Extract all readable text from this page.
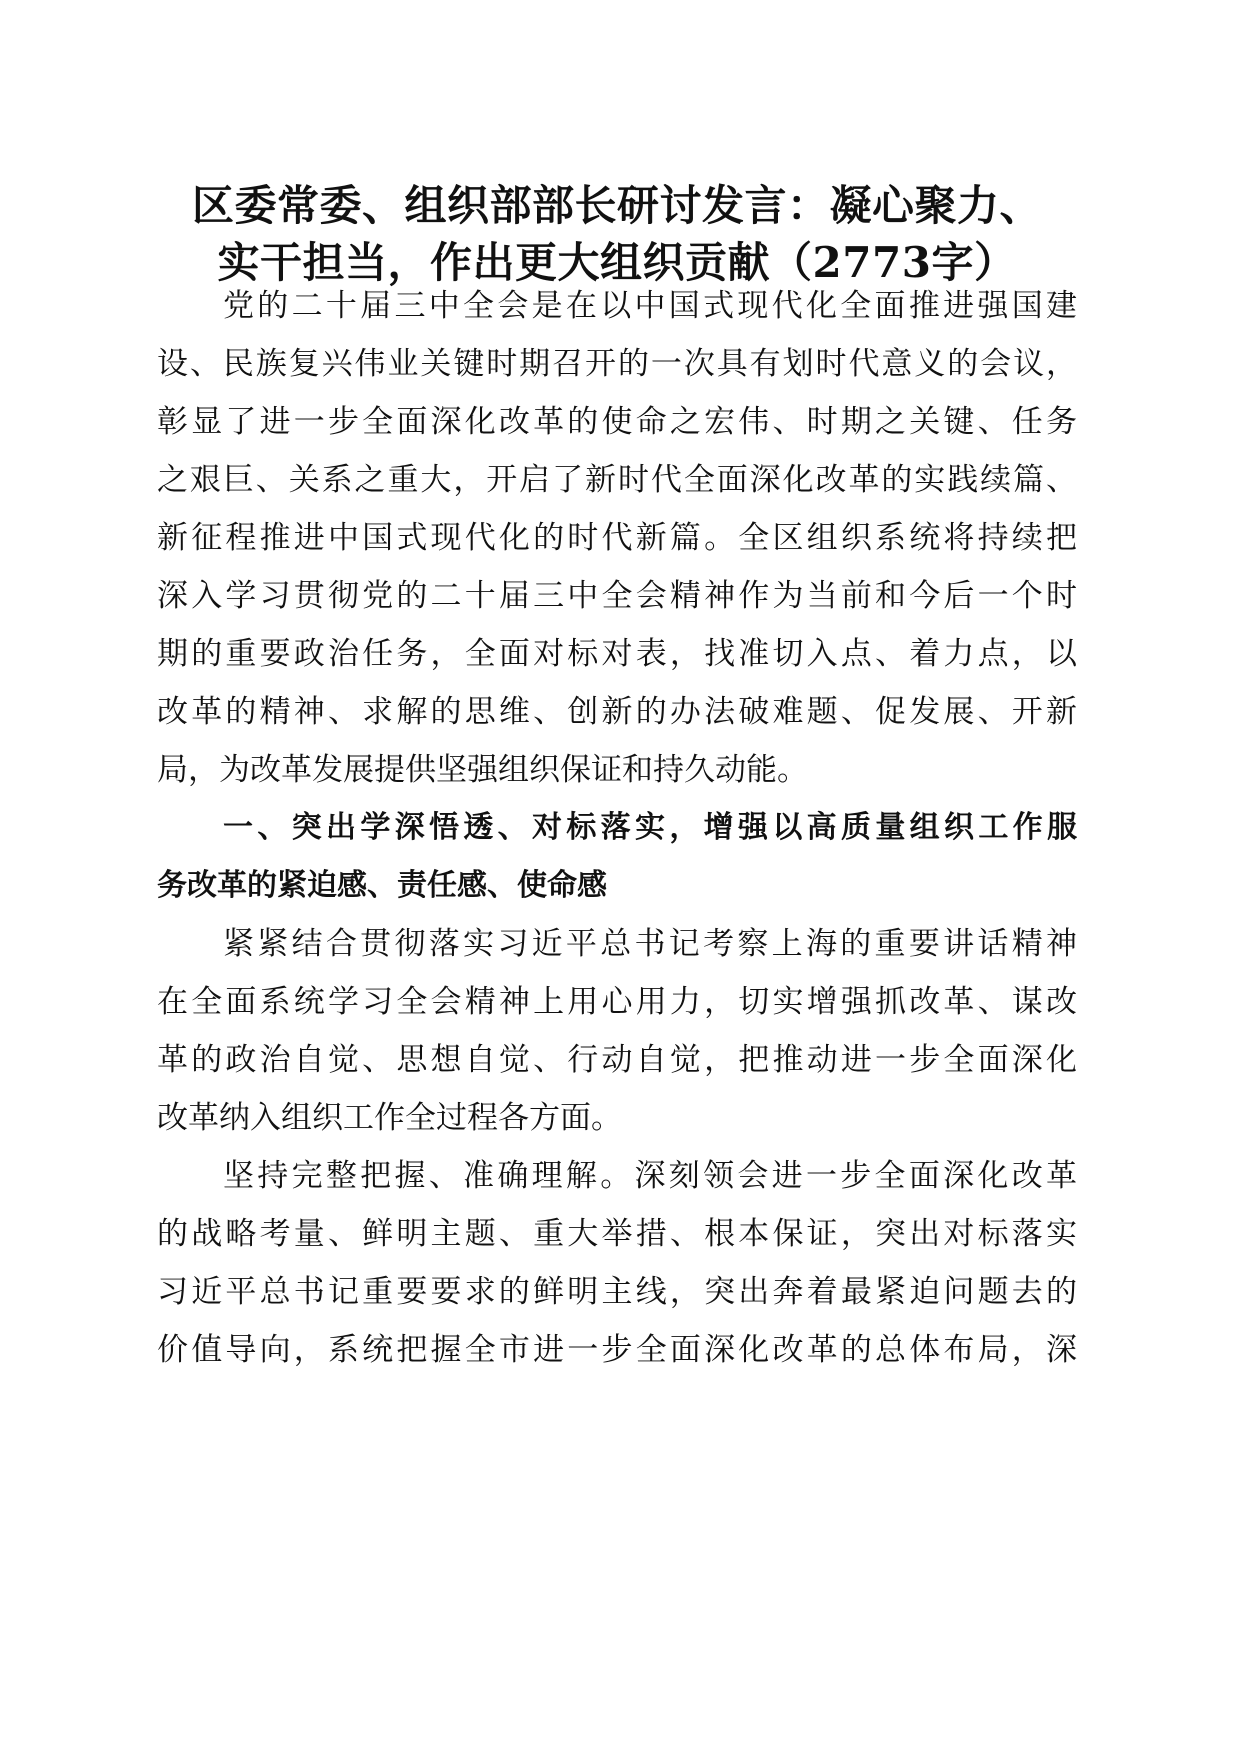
区委常委、组织部部长研讨发言：凝心聚力、
实干担当，作出更大组织贡献（2773字）
党的二十届三中全会是在以中国式现代化全面推进强国建
设、民族复兴伟业关键时期召开的一次具有划时代意义的会议，
彰显了进一步全面深化改革的使命之宏伟、时期之关键、任务
之艰巨、关系之重大，开启了新时代全面深化改革的实践续篇、
新征程推进中国式现代化的时代新篇。全区组织系统将持续把
深入学习贯彻党的二十届三中全会精神作为当前和今后一个时
期的重要政治任务，全面对标对表，找准切入点、着力点，以
改革的精神、求解的思维、创新的办法破难题、促发展、开新
局，为改革发展提供坚强组织保证和持久动能。
一、突出学深悟透、对标落实，增强以高质量组织工作服
务改革的紧迫感、责任感、使命感
紧紧结合贯彻落实习近平总书记考察上海的重要讲话精神
在全面系统学习全会精神上用心用力，切实增强抓改革、谋改
革的政治自觉、思想自觉、行动自觉，把推动进一步全面深化
改革纳入组织工作全过程各方面。
坚持完整把握、准确理解。深刻领会进一步全面深化改革
的战略考量、鲜明主题、重大举措、根本保证，突出对标落实
习近平总书记重要要求的鲜明主线，突出奔着最紧迫问题去的
价值导向，系统把握全市进一步全面深化改革的总体布局，深
